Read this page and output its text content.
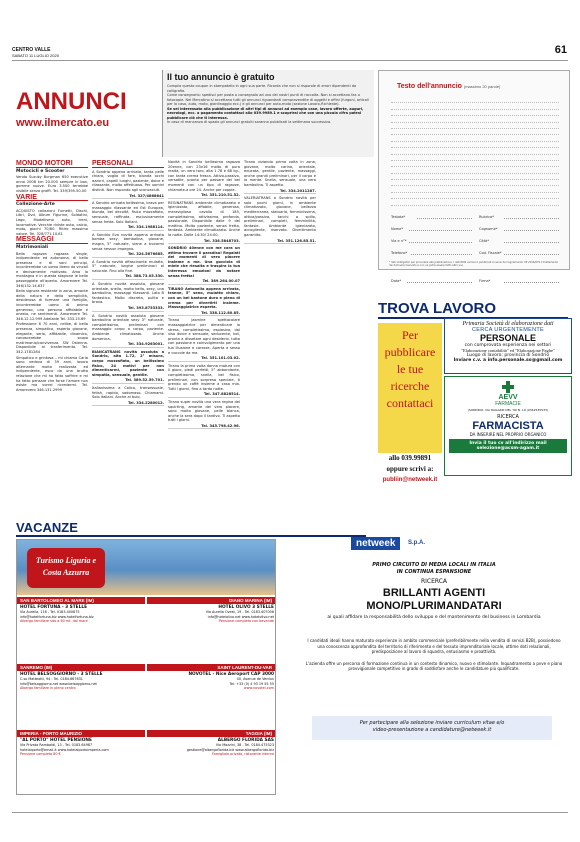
CENTRO VALLE
SABATO 11 LUGLIO 2020	61
ANNUNCI
www.ilmercato.eu
Il tuo annuncio è gratuito
Compila questo coupon in stampatello in ogni sua parte. Ricorda che non si risponde di errori dipendenti da calligrafia.
Come consegnarlo: spedisci per posta o consegnalo ad uno dei nostri punti di raccolta. Non si accettano fax o fotocopie. Nel Mercatino si accettano tutti gli annunci riguardanti compravendite di oggetti e affini (furgoni, articoli per la casa, auto, moto, giardinaggio ecc.) e gli annunci per auto-moto (sezione Lavoro-Richieste).
Se sei interessato alla pubblicazione di altri tipi di annunci ad esempio case, lavoro offerte, auguri, necrologi, ecc. a pagamento contattaci allo 039.9989.1 e scoprirai che con una piccola cifra potrai pubblicare ciò che ti interessa.
In caso di mancanza di spazio gli annunci gratuiti saranno pubblicati la settimana successiva.
Testo dell'annuncio (massimo 20 parole)
Testata*	Rubrica*
Nome*	Cognome*
Via e n°*	Città*
Telefono*	Cod. Fiscale*
* dati obbligatori per procedere alla pubblicazione. I dati NON verranno pubblicati Ai sensi del regolamento UE 2016/679 il trattamento dei dati sarà riservato e non ne potrà essere fatto altro uso.
Data*	Firma*
MONDO MOTORI
Motocicli e Scooter
Vendo Suzuky Burgman 650 executive anno 2008 km 20.000 sempre in box, gomme nuove. Euro 3.500 terrebbe visibile senza graffi. Tel. 339/395.50.00
VARIE
Collezione-Arte
ACQUISTO collezioni Fumetti, Dischi, Libri, Dvd, Album Figurine, Soldatini, Lego, Modellismo auto, treni, locomotive. Vecchie riviste auto, calcio, moto, giochi 70/80. Ritiro massimo valore. Tel. 328/771.10.81
MESSAGGI
Matrimoniali
Bella ragazza ragazza single, indipendente ed autonoma, di bella presenza e di sani principi, incontrerebbe un uomo libero da vincoli e decisamente motivato. Amo la montagna e in questa stagione le belle passeggiate all'aperto. Amorevere Tel. 346/132.14.637
Bella signora residente in zona, amante della natura e della semplicità, desiderosa di formare una famiglia, incontrerebbe uomo di animo generoso, una persona affidabile e onesta, ne sentimenti. Amorevere Tel. 346.12.12.999 Adelaide Tel. 333.15.69
Professione 6 70 anni, celibe, di bella presenza, simpatico, esperto giovane, elegante, serio, affidabile, dinamico, conoscerebbe scopo matrimonio/convivenza. SW Ostenna. Disponibile al trasferimento. Tel. 342.1781284
Simpatico e grintosa... mi chiamo Carla sono vedova di 39 anni, lavoro alternante molto realizzata ed indipendente, esco da una brutta relazione che mi ha fatto soffrire e mi ha fatto pensare che forse l'amore non esiste ma vorrei ricredermi. Tel. Amorevero 346.131.2999
PERSONALI
A Sondrio appena arrivata, tanta pelle chiara, voglia di fare, bionda occhi azzurri, capelli lunghi, paziente, dolce e rilassante, molto affettuosa. Per uomini distinti. Non rispondo agli sconosciuti.
Tel. 327/4868641
A Sondrio arrivata bellissima, brava per massaggio rilassante ed Est Europea, bionda, bel decolté, fisico mozzafiato, sensuale, raffinata, esclusivamente senza fretta. Solo Italiani.
Tel. 334.1988114.
A Sondrio Eva novità appena arrivata bomba sexy, bambolina, giovane, magra, 5° naturale, viene a trovarmi senza nessun impegno.
Tel. 324.5676685.
A Sondrio novità affascinante mulatta, 5° naturale, lunghe preliminari al naturale. Fino alla fine.
Tel. 388.73.05.330.
A Sondrio novità assoluta, giovane orientale, snella, molto bella, sexy, una bambolina, massaggi rilassanti. Lato B fantastico. Molto discreta, pulita e brava.
Tel. 393.8753333.
A Sondrio novità assoluta giovane bambolina orientale sexy 3° naturale, completissima, preliminari con massaggio corpo a corpo, paziente. Ambiente climatizzato. Anche domenica.
Tel. 334.9263001.
BIANCATRANS novità assoluta a Sondrio, alta 1.72, 2° misura, corpo mozzafiato, un bellissimo fisico, 24 motivi per non dimenticarmi, paziente con simpatia, sensuale, gentile.
Tel. 389.52.59.701.
Italianissima a Colico, transessuale, fetish, rapido, sadomaso. Chiamami. Solo italiani. Anche al buio.
Tel. 334.2280012.
Novità in Sondrio bellissima ragazza 20enne, con 23x16 molto di pura realtà, un vero toro, alta 1.78 e 68 kg., con tanta crema fresca. Attivo-passivo, versatile, pronto per passare dei bei momenti con un tipo di ragazze, chiamate-a ore 24. Anche per coppie.
Tel. 351.210.51.52.
REGINATRANS ambiente climatizzato e igienizzato, affabile, generosa, meravigliosa cavalla di 185, completissima, attivissima, profonda, passionale. Disponibile dalle 9 del mattino. Molto paziente, senza fretta, fantasia. Ambiente climatizzato. Anche la notte. Dalle 14:30/ 24:00.
Tel. 338.5848703.
SONDRIO 40enne con me cara un attimo trovare il paradiso! Regalati dei momenti di vero piacere insieme a me. Una gocciola di miele che riesalta e traspira la tua interessa emozioni da notare senza fretta!
Tel. 389.264.00.07
TIRANO Antonella appena arrivata, tranne, 5° seno, mulatto chiaro, con un bel bastone duro e pieno di crema per divertirti insieme. Massaggiatrice esperta.
Tel. 338.112.80.85.
Tirano Jasmine spettacolare massaggiatrice per dimenticare lo stress, completissima, esplosiva, dal viso dolce e sensuale, seducente, hot, pronta a dissetare ogni desiderio, tutto con passione e coinvolgimento per una tua illusione e carezze. Aperta a sesso e coccole da me.
Tel. 351.101.03.02.
Tirano la prima volta donna matura con il gioco, piedi perfetti, 5° abbondante, completissima, snella, bel fisico, preliminari, con sorpresa speciale, ti prendo un caffè insieme a casa mia. Tutti i giorni, fino a tarda notte.
Tel. 347.8826514.
Tirano super novità una vera regina del squirting, amante del vero piacere, sono molto giovane, pelle bianca, anche la sera dopo il tardivo. Ti aspetto tutti i giorni.
Tel. 345.798.42.96.
Tirano viziando prima volta in zona, giovane, molto carina, orientale, educata, gentile, paziente, massaggi, anche grandi preliminari, per il corpo e la mente. Snella, sensuale, una vera bambolina. Ti aspetto.
Tel. 334.2011287.
VALERIATRANS a Sondrio novità per solo pochi giorni, in ambiente climatizzato, giovane, bellezza mediterranea, statuaria, femminissima, attiva/passiva, tacchi a spillo, preliminari, completi, femminilità, fantasie. Ambiente igienizzato, accogliente, riservato. Divertimento garantito.
Tel. 351.126.85.51.
TROVA LAVORO
Per
pubblicare
le tue
ricerche
contattaci
allo 039.99891
oppure scrivi a:
publiin@netweek.it
Primaria Società di elaborazione dati
CERCA URGENTEMENTE
PERSONALE
con comprovata esperienza nei settori
"Elaborazione contabilità" ed "Elaborazione Paghe"
Luogo di lavoro: provincia di Sondrio
Inviare c.v. a info.personale.so@gmail.com
AEVV
FARMACIE
(SONDRIO, VIA RAGAZZI DEL '99 N. 19 (0342535533)
RICERCA
FARMACISTA
DA INSERIRE NEL PROPRIO ORGANICO
Invia il tuo cv all'indirizzo mail
selezione@acsm-agam.it
VACANZE
Turismo Liguria e
Costa Azzurra
SAN BARTOLOMEO AL MARE (IM)	DIANO MARINA (IM)
HOTEL FORTUNA - 3 STELLE
Via Aurelia, 116 - Tel. 0183.400875
info@hotelfortuna.biz www.hotelfortuna.biz
Albergo familiare sito a 60 mt. dal mare
HOTEL OLIVO 3 STELLE
Via Aurelia Ovest, 19 - Tel. 0183.407006
info@hotelolivo.net www.hotelolivo.net
Pensione completa con bevande
SANREMO (IM)	SAINT LAURENT-DU-VAR
HOTEL BELSOGGIORNO - 3 STELLE
C.so Matteotti, 94 - Tel. 0184.667631
info@belsoggiorno.net www.belsoggiorno.net
Albergo familiare in pieno centro
NOVOTEL - Nice Aeroport CAP 3000
40, Avenue de Verdun
Tel. +33 (0) 4 93 19 55 55
www.novotel.com
IMPERIA - PORTO MAURIZIO	TAGGIA (IM)
"AL PORTO" HOTEL PENSIONE
Via Privata Rambaldi, 13 - Tel. 0183.64987
hotelalporto@email.it www.hotelalportoimperia.com
Pensione completa 80 €
ALBERGO FLORIDA SAS
Via Mazzini, 38 - Tel. 0184.475323
gestione@albergoflorida.biz www.albergoflorida.biz
Famigliale privato, ristorante interno
netweek	S.p.A.
PRIMO CIRCUITO DI MEDIA LOCALI IN ITALIA
IN CONTINUA ESPANSIONE
RICERCA
BRILLANTI AGENTI
MONO/PLURIMANDATARI
ai quali affidare la responsabilità dello sviluppo e del mantenimento del business in Lombardia
I candidati ideali hanno maturato esperienze in ambito commerciale (preferibilmente nella vendita di servizi B2B), possiedono una conoscenza approfondita del territorio di riferimento e del tessuto imprenditoriale locale, ottime doti relazionali, predisposizione al lavoro di squadra, entusiasmo e proattività.
L'azienda offre un percorso di formazione continua in un contesto dinamico, nuovo e stimolante. Inquadramento a pvve e piano provvigionale competitivo in grado di soddisfare anche le candidature più qualificate.
Per partecipare alla selezione inviare curriculum vitae e/o
video-presentazione a candidature@netweek.it
